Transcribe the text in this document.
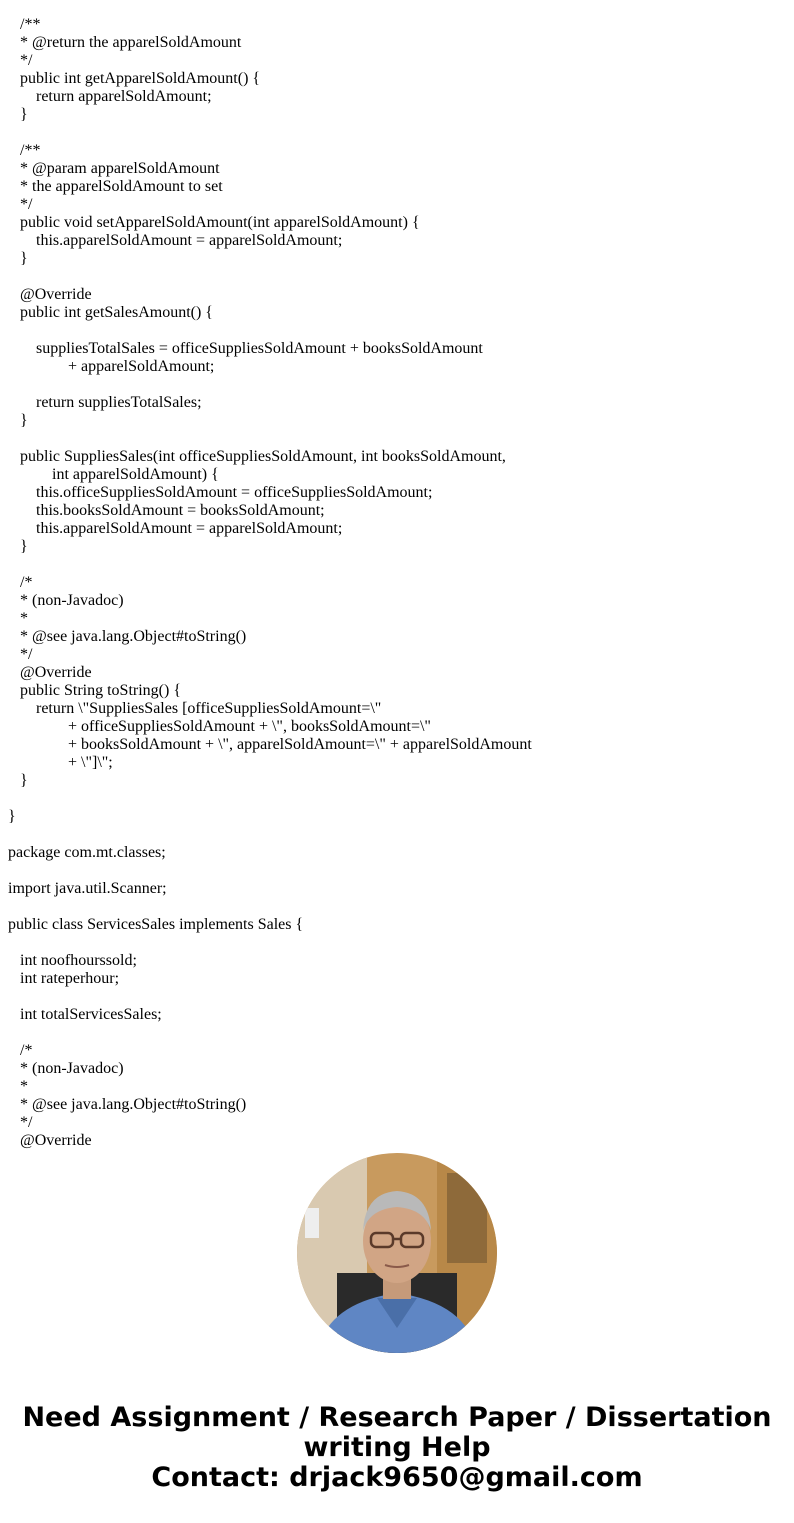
/**
* @return the apparelSoldAmount
*/
public int getApparelSoldAmount() {
return apparelSoldAmount;
}
/**
* @param apparelSoldAmount
* the apparelSoldAmount to set
*/
public void setApparelSoldAmount(int apparelSoldAmount) {
this.apparelSoldAmount = apparelSoldAmount;
}
@Override
public int getSalesAmount() {
suppliesTotalSales = officeSuppliesSoldAmount + booksSoldAmount
+ apparelSoldAmount;
return suppliesTotalSales;
}
public SuppliesSales(int officeSuppliesSoldAmount, int booksSoldAmount,
int apparelSoldAmount) {
this.officeSuppliesSoldAmount = officeSuppliesSoldAmount;
this.booksSoldAmount = booksSoldAmount;
this.apparelSoldAmount = apparelSoldAmount;
}
/*
* (non-Javadoc)
*
* @see java.lang.Object#toString()
*/
@Override
public String toString() {
return \"SuppliesSales [officeSuppliesSoldAmount=\"
+ officeSuppliesSoldAmount + \", booksSoldAmount=\"
+ booksSoldAmount + \", apparelSoldAmount=\" + apparelSoldAmount
+ \"]\";
}
}
package com.mt.classes;
import java.util.Scanner;
public class ServicesSales implements Sales {
int noofhourssold;
int rateperhour;
int totalServicesSales;
/*
* (non-Javadoc)
*
* @see java.lang.Object#toString()
*/
@Override
Need Assignment / Research Paper / Dissertation
writing Help
Contact: drjack9650@gmail.com
